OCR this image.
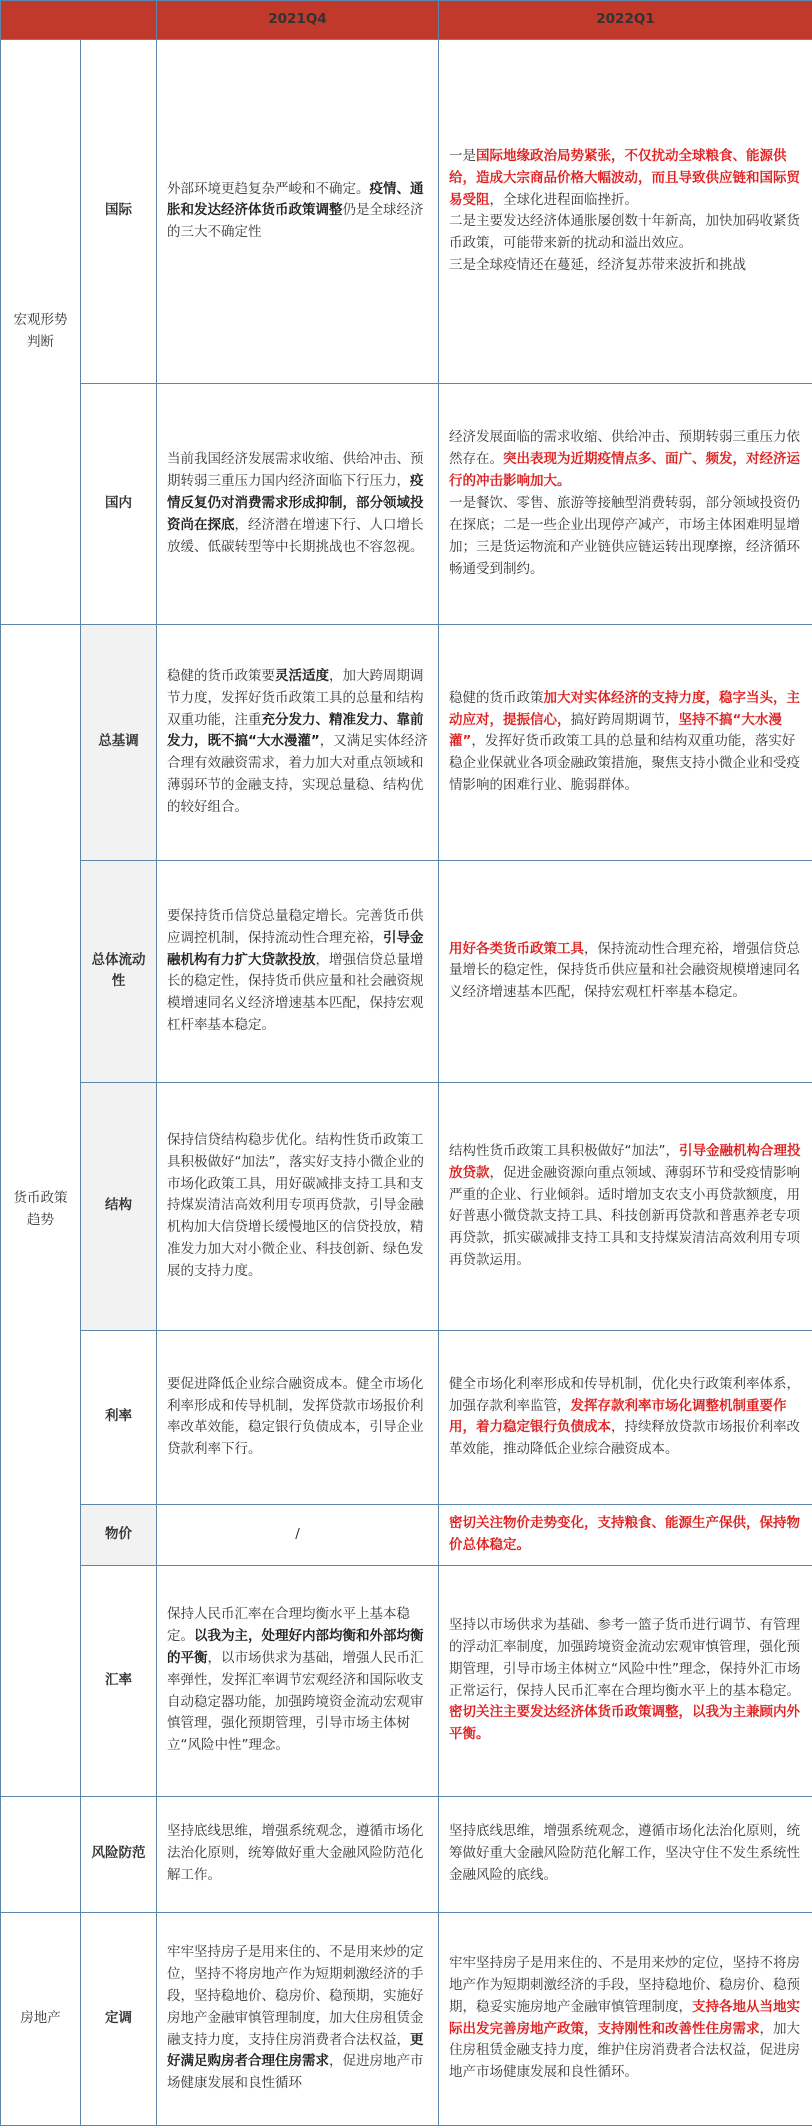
		2021Q4	2022Q1
宏观形势判断	国际	外部环境更趋复杂严峻和不确定。疫情、通胀和发达经济体货币政策调整仍是全球经济的三大不确定性	一是国际地缘政治局势紧张，不仅扰动全球粮食、能源供给，造成大宗商品价格大幅波动，而且导致供应链和国际贸易受阻，全球化进程面临挫折。
二是主要发达经济体通胀屡创数十年新高，加快加码收紧货币政策，可能带来新的扰动和溢出效应。
三是全球疫情还在蔓延，经济复苏带来波折和挑战

	国内	当前我国经济发展需求收缩、供给冲击、预期转弱三重压力国内经济面临下行压力，疫情反复仍对消费需求形成抑制，部分领域投资尚在探底，经济潜在增速下行、人口增长放缓、低碳转型等中长期挑战也不容忽视。	经济发展面临的需求收缩、供给冲击、预期转弱三重压力依然存在。突出表现为近期疫情点多、面广、频发，对经济运行的冲击影响加大。
一是餐饮、零售、旅游等接触型消费转弱，部分领域投资仍在探底；二是一些企业出现停产减产，市场主体困难明显增加；三是货运物流和产业链供应链运转出现摩擦，经济循环畅通受到制约。

货币政策趋势	总基调	稳健的货币政策要灵活适度，加大跨周期调节力度，发挥好货币政策工具的总量和结构双重功能，注重充分发力、精准发力、靠前发力，既不搞“大水漫灌”，又满足实体经济合理有效融资需求，着力加大对重点领域和薄弱环节的金融支持，实现总量稳、结构优的较好组合。	稳健的货币政策加大对实体经济的支持力度，稳字当头，主动应对，提振信心，搞好跨周期调节，坚持不搞“大水漫灌”，发挥好货币政策工具的总量和结构双重功能，落实好稳企业保就业各项金融政策措施，聚焦支持小微企业和受疫情影响的困难行业、脆弱群体。
	总体流动性	要保持货币信贷总量稳定增长。完善货币供应调控机制，保持流动性合理充裕，引导金融机构有力扩大贷款投放，增强信贷总量增长的稳定性，保持货币供应量和社会融资规模增速同名义经济增速基本匹配，保持宏观杠杆率基本稳定。	用好各类货币政策工具，保持流动性合理充裕，增强信贷总量增长的稳定性，保持货币供应量和社会融资规模增速同名义经济增速基本匹配，保持宏观杠杆率基本稳定。
	结构	保持信贷结构稳步优化。结构性货币政策工具积极做好“加法”，落实好支持小微企业的市场化政策工具，用好碳减排支持工具和支持煤炭清洁高效利用专项再贷款，引导金融机构加大信贷增长缓慢地区的信贷投放，精准发力加大对小微企业、科技创新、绿色发展的支持力度。	结构性货币政策工具积极做好“加法”，引导金融机构合理投放贷款，促进金融资源向重点领域、薄弱环节和受疫情影响严重的企业、行业倾斜。适时增加支农支小再贷款额度，用好普惠小微贷款支持工具、科技创新再贷款和普惠养老专项再贷款，抓实碳减排支持工具和支持煤炭清洁高效利用专项再贷款运用。
	利率	要促进降低企业综合融资成本。健全市场化利率形成和传导机制，发挥贷款市场报价利率改革效能，稳定银行负债成本，引导企业贷款利率下行。	健全市场化利率形成和传导机制，优化央行政策利率体系，加强存款利率监管，发挥存款利率市场化调整机制重要作用，着力稳定银行负债成本，持续释放贷款市场报价利率改革效能，推动降低企业综合融资成本。
	物价	/	密切关注物价走势变化，支持粮食、能源生产保供，保持物价总体稳定。
	汇率	保持人民币汇率在合理均衡水平上基本稳定。以我为主，处理好内部均衡和外部均衡的平衡，以市场供求为基础，增强人民币汇率弹性，发挥汇率调节宏观经济和国际收支自动稳定器功能，加强跨境资金流动宏观审慎管理，强化预期管理，引导市场主体树立“风险中性”理念。	坚持以市场供求为基础、参考一篮子货币进行调节、有管理的浮动汇率制度，加强跨境资金流动宏观审慎管理，强化预期管理，引导市场主体树立“风险中性”理念，保持外汇市场正常运行，保持人民币汇率在合理均衡水平上的基本稳定。密切关注主要发达经济体货币政策调整，以我为主兼顾内外平衡。
	风险防范	坚持底线思维，增强系统观念，遵循市场化法治化原则，统筹做好重大金融风险防范化解工作。	坚持底线思维，增强系统观念，遵循市场化法治化原则，统筹做好重大金融风险防范化解工作，坚决守住不发生系统性金融风险的底线。
房地产	定调	牢牢坚持房子是用来住的、不是用来炒的定位，坚持不将房地产作为短期刺激经济的手段，坚持稳地价、稳房价、稳预期，实施好房地产金融审慎管理制度，加大住房租赁金融支持力度，支持住房消费者合法权益，更好满足购房者合理住房需求，促进房地产市场健康发展和良性循环	牢牢坚持房子是用来住的、不是用来炒的定位，坚持不将房地产作为短期刺激经济的手段，坚持稳地价、稳房价、稳预期，稳妥实施房地产金融审慎管理制度，支持各地从当地实际出发完善房地产政策，支持刚性和改善性住房需求，加大住房租赁金融支持力度，维护住房消费者合法权益，促进房地产市场健康发展和良性循环。
